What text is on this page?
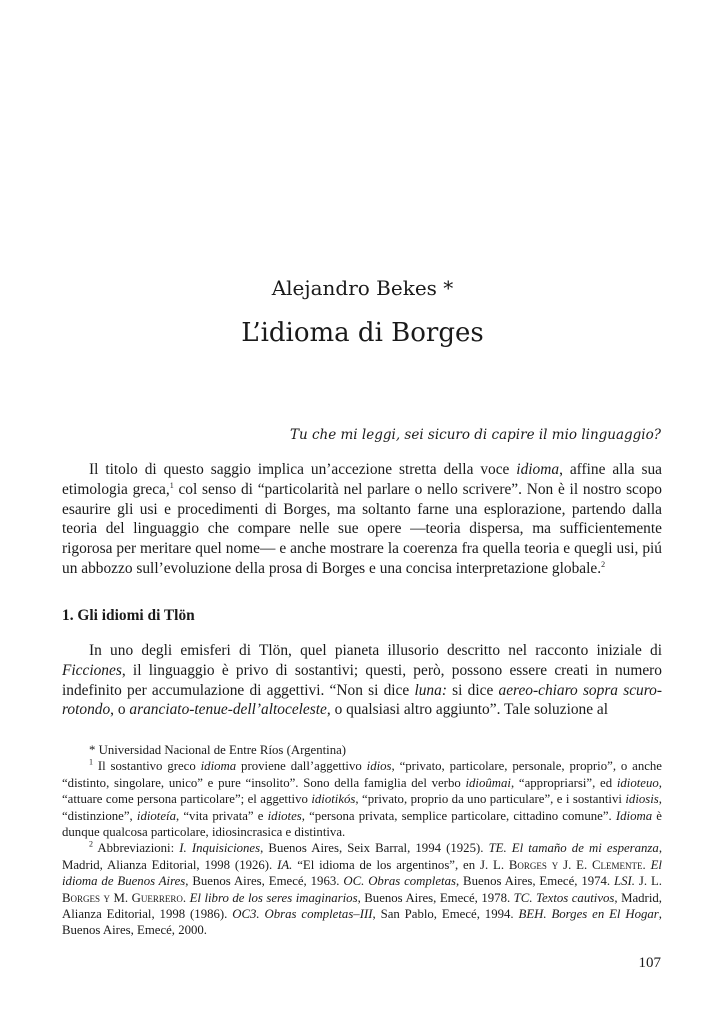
Alejandro Bekes *
L’idioma di Borges

Tu che mi leggi, sei sicuro di capire il mio linguaggio?

Il titolo di questo saggio implica un’accezione stretta della voce idioma, affine alla sua etimologia greca,$^1$ col senso di “particolarità nel parlare o nello scrivere”. Non è il nostro scopo esaurire gli usi e procedimenti di Borges, ma soltanto farne una esplorazione, partendo dalla teoria del linguaggio che compare nelle sue opere —teoria dispersa, ma sufficientemente rigorosa per meritare quel nome— e anche mostrare la coerenza fra quella teoria e quegli usi, piú un abbozzo sull’evoluzione della prosa di Borges e una concisa interpretazione globale.$^2$

1. Gli idiomi di Tlön

In uno degli emisferi di Tlön, quel pianeta illusorio descritto nel racconto iniziale di Ficciones, il linguaggio è privo di sostantivi; questi, però, possono essere creati in numero indefinito per accumulazione di aggettivi. “Non si dice luna: si dice aereo-chiaro sopra scuro-rotondo, o aranciato-tenue-dell’altoceleste, o qualsiasi altro aggiunto”. Tale soluzione al

* Universidad Nacional de Entre Ríos (Argentina)

$^1$ Il sostantivo greco idioma proviene dall’aggettivo idios, “privato, particolare, personale, proprio”, o anche “distinto, singolare, unico” e pure “insolito”. Sono della famiglia del verbo idioûmai, “appropriarsi”, ed idioteuo, “attuare come persona particolare”; el aggettivo idiotikós, “privato, proprio da uno particulare”, e i sostantivi idiosis, “distinzione”, idioteía, “vita privata” e idiotes, “persona privata, semplice particolare, cittadino comune”. Idioma è dunque qualcosa particolare, idiosincrasica e distintiva.

$^2$ Abbreviazioni: I. Inquisiciones, Buenos Aires, Seix Barral, 1994 (1925). TE. El tamaño de mi esperanza, Madrid, Alianza Editorial, 1998 (1926). IA. “El idioma de los argentinos”, en J. L. Borges y J. E. Clemente. El idioma de Buenos Aires, Buenos Aires, Emecé, 1963. OC. Obras completas, Buenos Aires, Emecé, 1974. LSI. J. L. Borges y M. Guerrero. El libro de los seres imaginarios, Buenos Aires, Emecé, 1978. TC. Textos cautivos, Madrid, Alianza Editorial, 1998 (1986). OC3. Obras completas–III, San Pablo, Emecé, 1994. BEH. Borges en El Hogar, Buenos Aires, Emecé, 2000.

107
